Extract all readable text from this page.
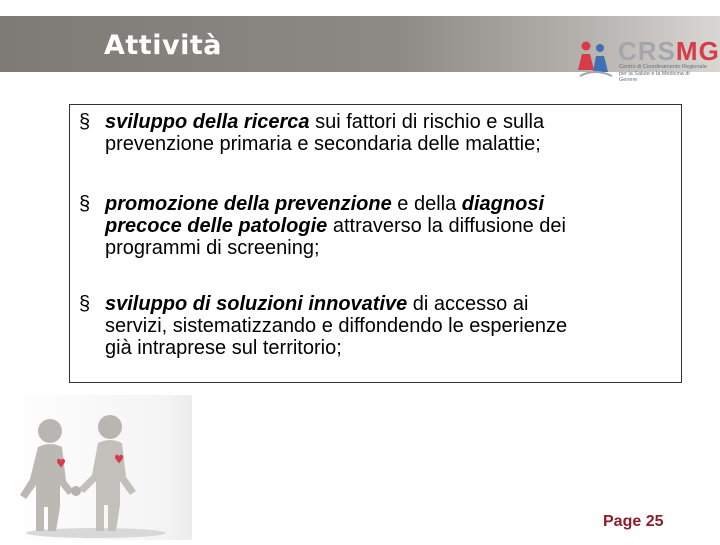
Attività	CRSMG
Centro di Coordinamento Regionale per la Salute e la Medicina di Genere
§ sviluppo della ricerca sui fattori di rischio e sulla
prevenzione primaria e secondaria delle malattie;
§ promozione della prevenzione e della diagnosi
precoce delle patologie attraverso la diffusione dei
programmi di screening;
§ sviluppo di soluzioni innovative di accesso ai
servizi, sistematizzando e diffondendo le esperienze
già intraprese sul territorio;
Page 25
